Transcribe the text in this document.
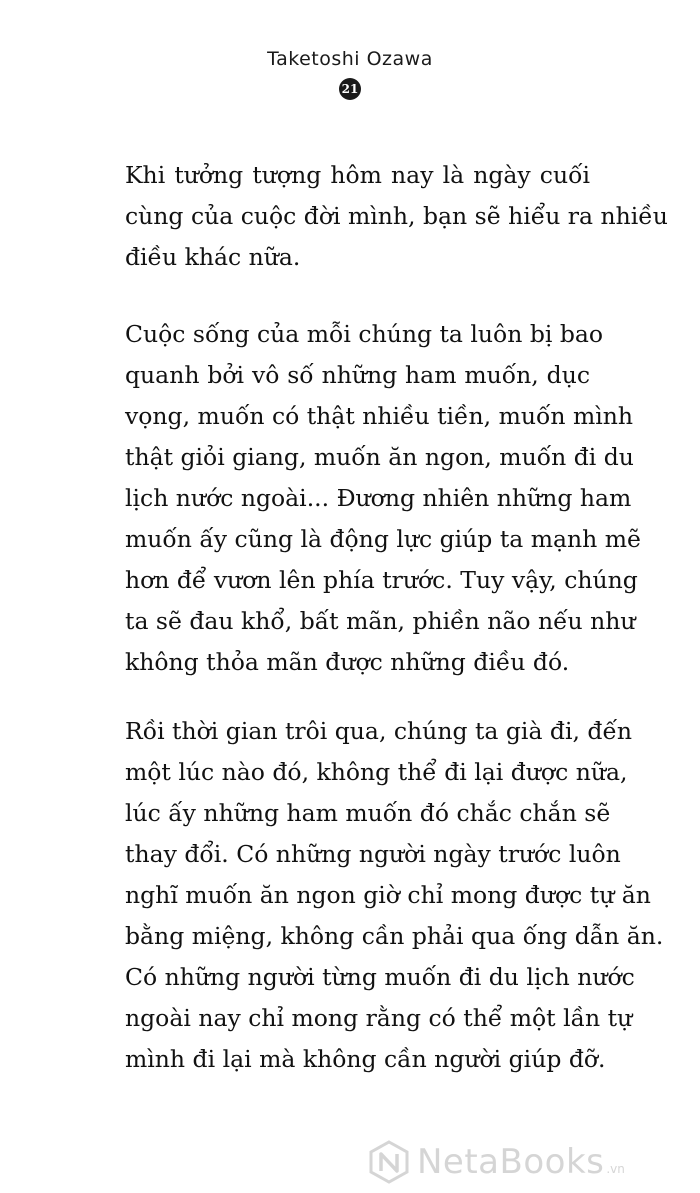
Taketoshi Ozawa
21

Khi tưởng tượng hôm nay là ngày cuối
cùng của cuộc đời mình, bạn sẽ hiểu ra nhiều
điều khác nữa.

Cuộc sống của mỗi chúng ta luôn bị bao
quanh bởi vô số những ham muốn, dục
vọng, muốn có thật nhiều tiền, muốn mình
thật giỏi giang, muốn ăn ngon, muốn đi du
lịch nước ngoài... Đương nhiên những ham
muốn ấy cũng là động lực giúp ta mạnh mẽ
hơn để vươn lên phía trước. Tuy vậy, chúng
ta sẽ đau khổ, bất mãn, phiền não nếu như
không thỏa mãn được những điều đó.

Rồi thời gian trôi qua, chúng ta già đi, đến
một lúc nào đó, không thể đi lại được nữa,
lúc ấy những ham muốn đó chắc chắn sẽ
thay đổi. Có những người ngày trước luôn
nghĩ muốn ăn ngon giờ chỉ mong được tự ăn
bằng miệng, không cần phải qua ống dẫn ăn.
Có những người từng muốn đi du lịch nước
ngoài nay chỉ mong rằng có thể một lần tự
mình đi lại mà không cần người giúp đỡ.

NetaBooks .vn
